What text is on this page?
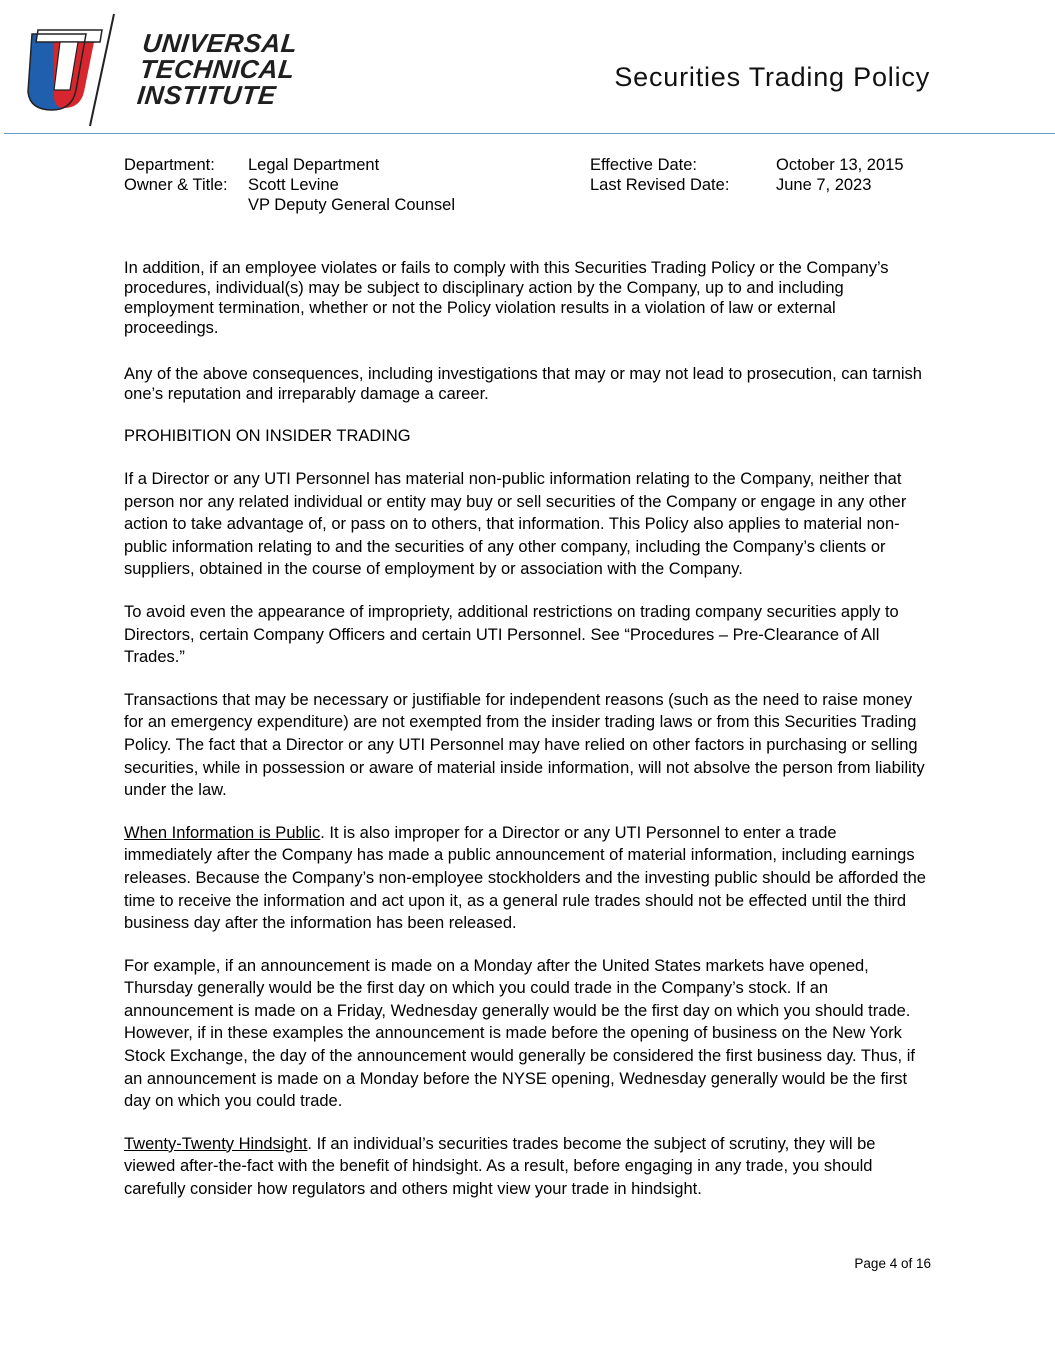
UNIVERSAL
TECHNICAL
INSTITUTE
Securities Trading Policy
Department: Legal Department
Owner & Title: Scott Levine
VP Deputy General Counsel
Effective Date:	October 13, 2015
Last Revised Date:	June 7, 2023

In addition, if an employee violates or fails to comply with this Securities Trading Policy or the Company’s procedures, individual(s) may be subject to disciplinary action by the Company, up to and including employment termination, whether or not the Policy violation results in a violation of law or external proceedings.

Any of the above consequences, including investigations that may or may not lead to prosecution, can tarnish one’s reputation and irreparably damage a career.

PROHIBITION ON INSIDER TRADING

If a Director or any UTI Personnel has material non-public information relating to the Company, neither that person nor any related individual or entity may buy or sell securities of the Company or engage in any other action to take advantage of, or pass on to others, that information. This Policy also applies to material non-public information relating to and the securities of any other company, including the Company’s clients or suppliers, obtained in the course of employment by or association with the Company.

To avoid even the appearance of impropriety, additional restrictions on trading company securities apply to Directors, certain Company Officers and certain UTI Personnel. See “Procedures – Pre-Clearance of All Trades.”

Transactions that may be necessary or justifiable for independent reasons (such as the need to raise money for an emergency expenditure) are not exempted from the insider trading laws or from this Securities Trading Policy. The fact that a Director or any UTI Personnel may have relied on other factors in purchasing or selling securities, while in possession or aware of material inside information, will not absolve the person from liability under the law.

When Information is Public. It is also improper for a Director or any UTI Personnel to enter a trade immediately after the Company has made a public announcement of material information, including earnings releases. Because the Company’s non-employee stockholders and the investing public should be afforded the time to receive the information and act upon it, as a general rule trades should not be effected until the third business day after the information has been released.

For example, if an announcement is made on a Monday after the United States markets have opened, Thursday generally would be the first day on which you could trade in the Company’s stock. If an announcement is made on a Friday, Wednesday generally would be the first day on which you should trade. However, if in these examples the announcement is made before the opening of business on the New York Stock Exchange, the day of the announcement would generally be considered the first business day. Thus, if an announcement is made on a Monday before the NYSE opening, Wednesday generally would be the first day on which you could trade.

Twenty-Twenty Hindsight. If an individual’s securities trades become the subject of scrutiny, they will be viewed after-the-fact with the benefit of hindsight. As a result, before engaging in any trade, you should carefully consider how regulators and others might view your trade in hindsight.

Page 4 of 16
